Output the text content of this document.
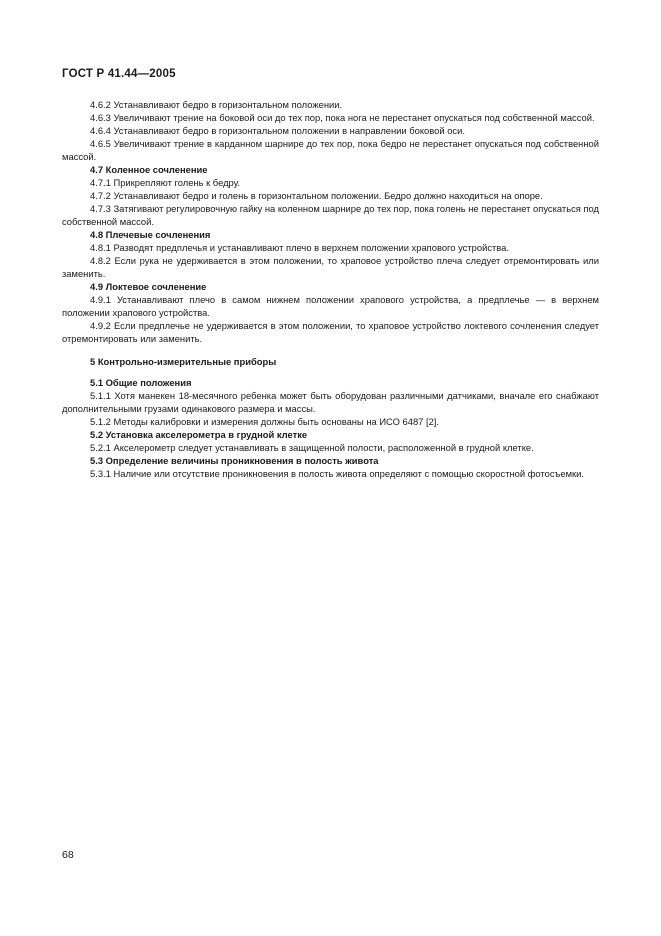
ГОСТ Р 41.44—2005

4.6.2 Устанавливают бедро в горизонтальном положении.

4.6.3 Увеличивают трение на боковой оси до тех пор, пока нога не перестанет опускаться под собственной массой.

4.6.4 Устанавливают бедро в горизонтальном положении в направлении боковой оси.

4.6.5 Увеличивают трение в карданном шарнире до тех пор, пока бедро не перестанет опускаться под собственной массой.

4.7 Коленное сочленение

4.7.1 Прикрепляют голень к бедру.

4.7.2 Устанавливают бедро и голень в горизонтальном положении. Бедро должно находиться на опоре.

4.7.3 Затягивают регулировочную гайку на коленном шарнире до тех пор, пока голень не перестанет опускаться под собственной массой.

4.8 Плечевые сочленения

4.8.1 Разводят предплечья и устанавливают плечо в верхнем положении храпового устройства.

4.8.2 Если рука не удерживается в этом положении, то храповое устройство плеча следует отремонтировать или заменить.

4.9 Локтевое сочленение

4.9.1 Устанавливают плечо в самом нижнем положении храпового устройства, а предплечье — в верхнем положении храпового устройства.

4.9.2 Если предплечье не удерживается в этом положении, то храповое устройство локтевого сочленения следует отремонтировать или заменить.

5 Контрольно-измерительные приборы

5.1 Общие положения

5.1.1 Хотя манекен 18-месячного ребенка может быть оборудован различными датчиками, вначале его снабжают дополнительными грузами одинакового размера и массы.

5.1.2 Методы калибровки и измерения должны быть основаны на ИСО 6487 [2].

5.2 Установка акселерометра в грудной клетке

5.2.1 Акселерометр следует устанавливать в защищенной полости, расположенной в грудной клетке.

5.3 Определение величины проникновения в полость живота

5.3.1 Наличие или отсутствие проникновения в полость живота определяют с помощью скоростной фотосъемки.

68
